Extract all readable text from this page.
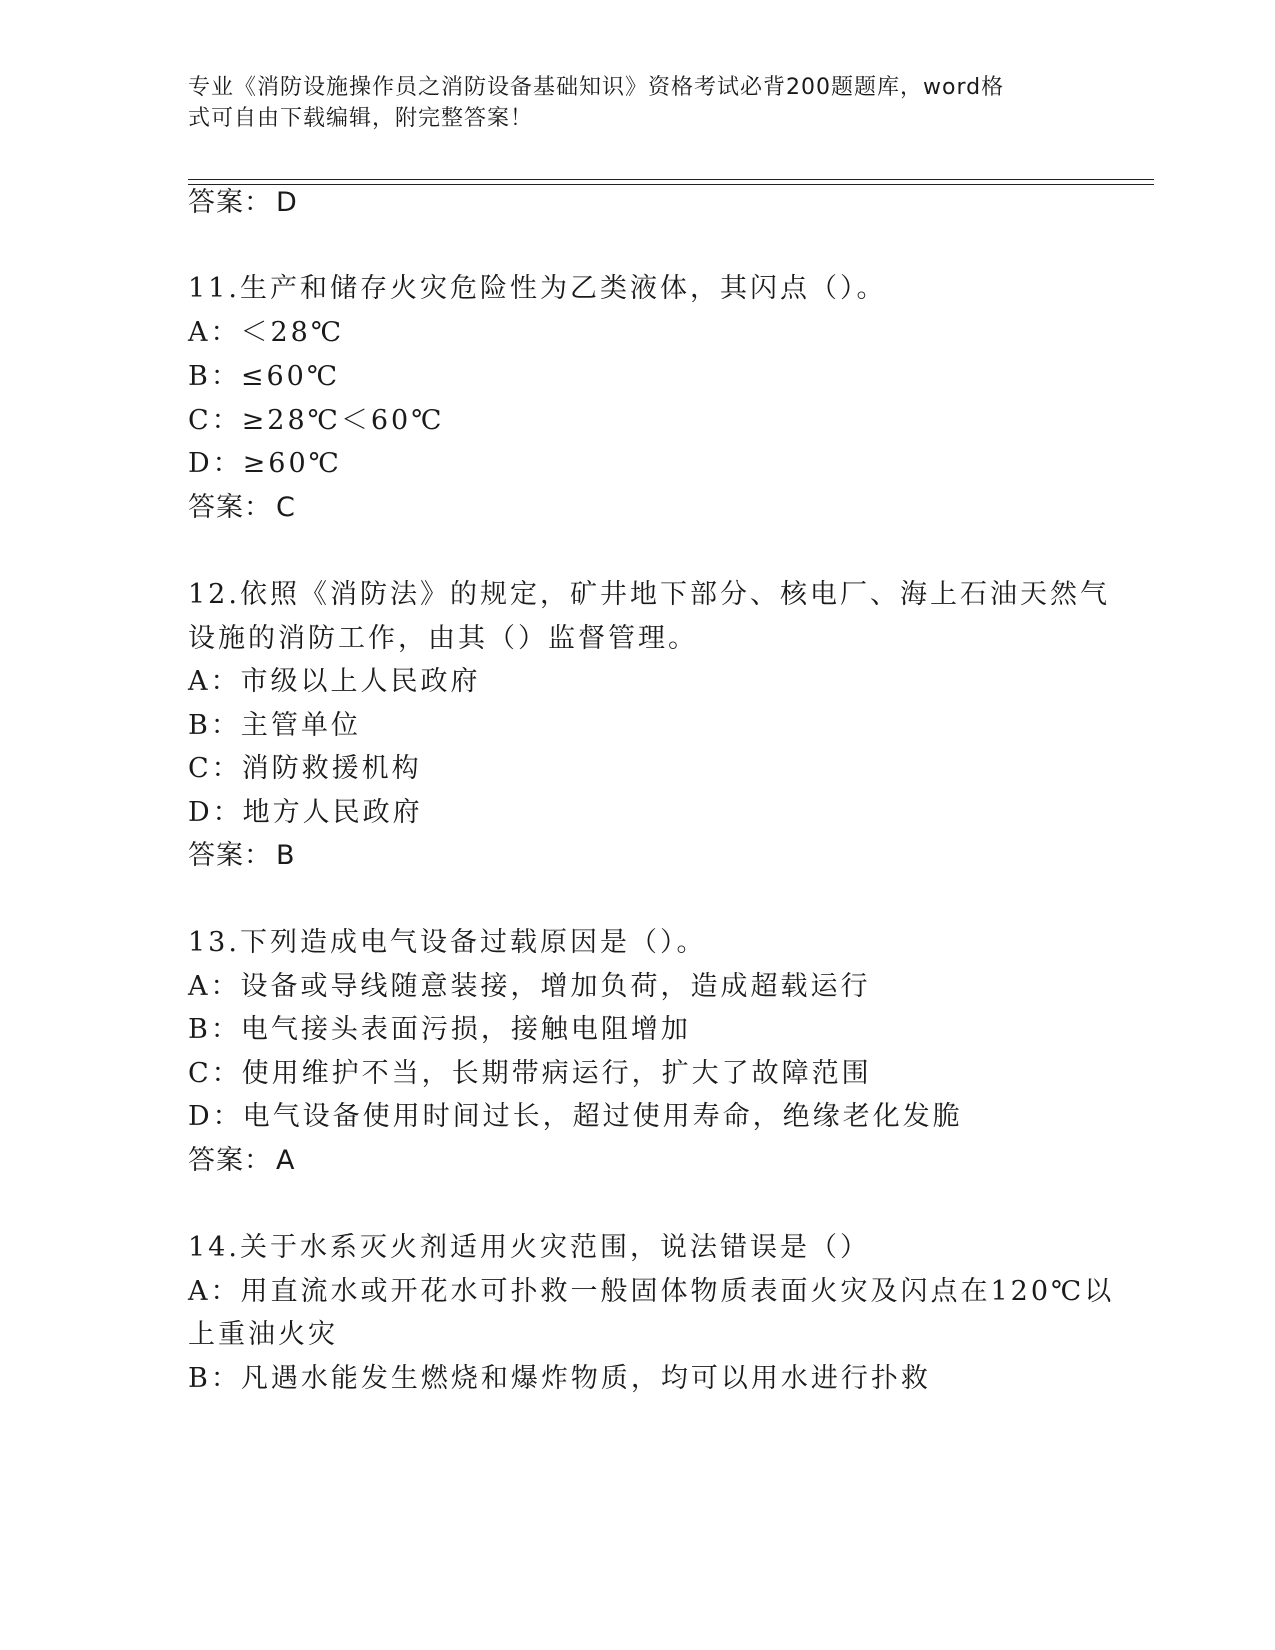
专业《消防设施操作员之消防设备基础知识》资格考试必背200题题库，word格
式可自由下载编辑，附完整答案！
答案： D
11.生产和储存火灾危险性为乙类液体，其闪点（）。
A：＜28℃
B：≤60℃
C：≥28℃＜60℃
D：≥60℃
答案： C
12.依照《消防法》的规定，矿井地下部分、核电厂、海上石油天然气
设施的消防工作，由其（）监督管理。
A：市级以上人民政府
B：主管单位
C：消防救援机构
D：地方人民政府
答案： B
13.下列造成电气设备过载原因是（）。
A：设备或导线随意装接，增加负荷，造成超载运行
B：电气接头表面污损，接触电阻增加
C：使用维护不当，长期带病运行，扩大了故障范围
D：电气设备使用时间过长，超过使用寿命，绝缘老化发脆
答案： A
14.关于水系灭火剂适用火灾范围，说法错误是（）
A：用直流水或开花水可扑救一般固体物质表面火灾及闪点在120℃以
上重油火灾
B：凡遇水能发生燃烧和爆炸物质，均可以用水进行扑救
